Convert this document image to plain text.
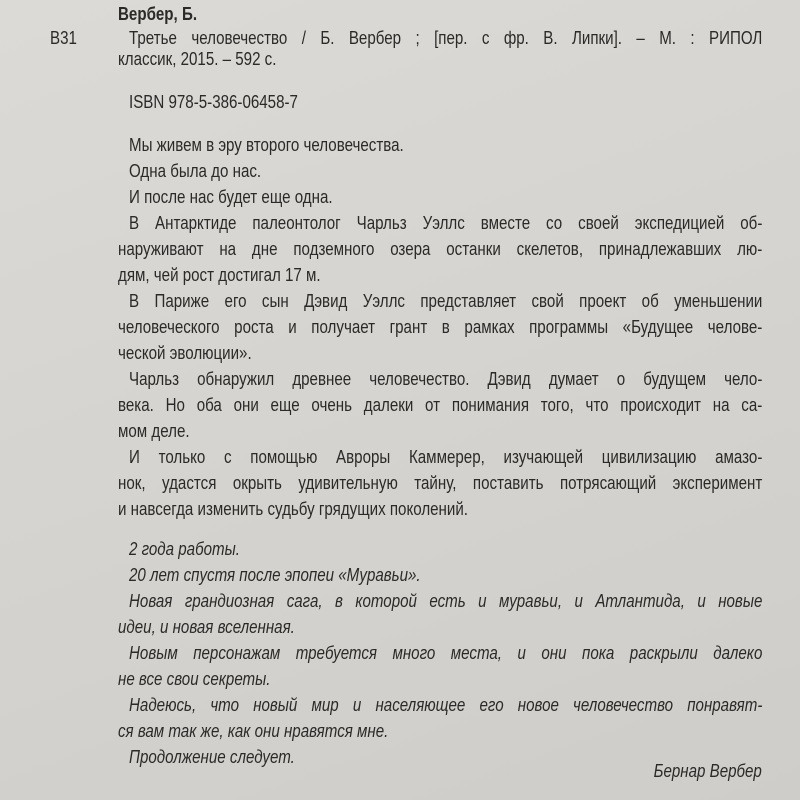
В31
Вербер, Б.
Третье человечество / Б. Вербер ; [пер. с фр. В. Липки]. – М. : РИПОЛ
классик, 2015. – 592 с.
ISBN 978-5-386-06458-7
Мы живем в эру второго человечества.
Одна была до нас.
И после нас будет еще одна.
В Антарктиде палеонтолог Чарльз Уэллс вместе со своей экспедицией об-
наруживают на дне подземного озера останки скелетов, принадлежавших лю-
дям, чей рост достигал 17 м.
В Париже его сын Дэвид Уэллс представляет свой проект об уменьшении
человеческого роста и получает грант в рамках программы «Будущее челове-
ческой эволюции».
Чарльз обнаружил древнее человечество. Дэвид думает о будущем чело-
века. Но оба они еще очень далеки от понимания того, что происходит на са-
мом деле.
И только с помощью Авроры Каммерер, изучающей цивилизацию амазо-
нок, удастся окрыть удивительную тайну, поставить потрясающий эксперимент
и навсегда изменить судьбу грядущих поколений.
2 года работы.
20 лет спустя после эпопеи «Муравьи».
Новая грандиозная сага, в которой есть и муравьи, и Атлантида, и новые
идеи, и новая вселенная.
Новым персонажам требуется много места, и они пока раскрыли далеко
не все свои секреты.
Надеюсь, что новый мир и населяющее его новое человечество понравят-
ся вам так же, как они нравятся мне.
Продолжение следует.
Бернар Вербер
